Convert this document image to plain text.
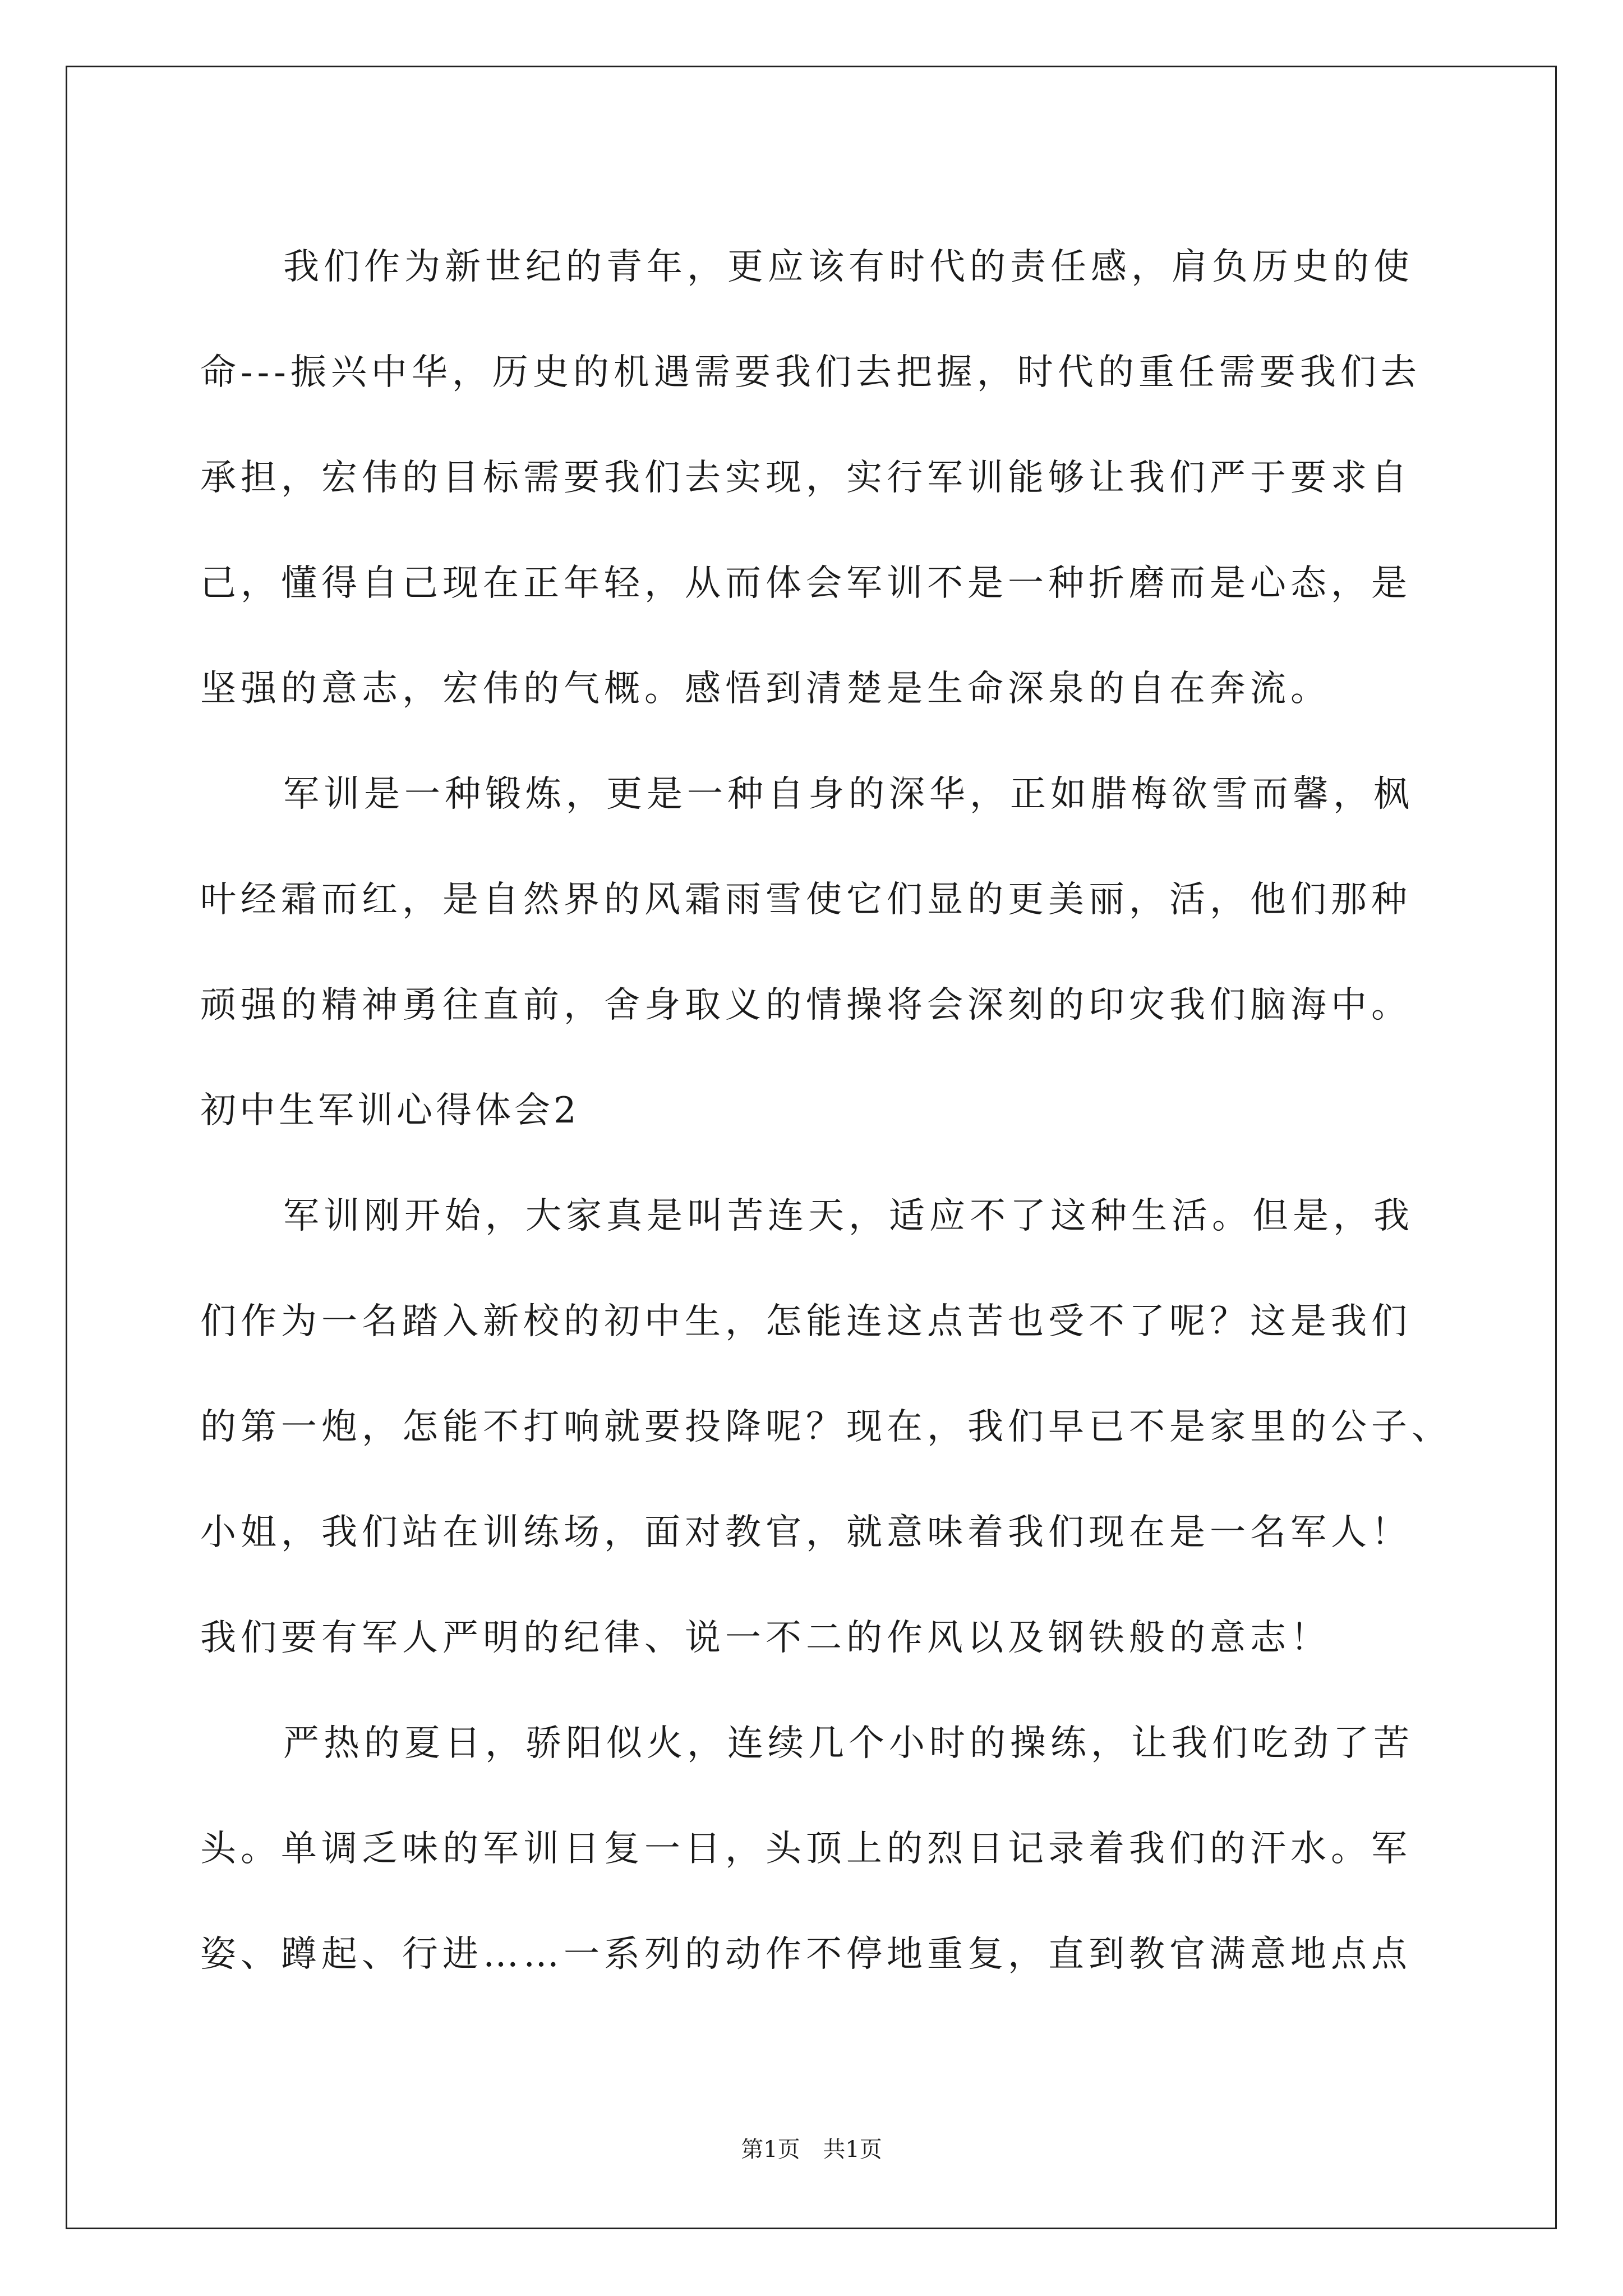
我们作为新世纪的青年，更应该有时代的责任感，肩负历史的使
命---振兴中华，历史的机遇需要我们去把握，时代的重任需要我们去
承担，宏伟的目标需要我们去实现，实行军训能够让我们严于要求自
己，懂得自己现在正年轻，从而体会军训不是一种折磨而是心态，是
坚强的意志，宏伟的气概。感悟到清楚是生命深泉的自在奔流。
军训是一种锻炼，更是一种自身的深华，正如腊梅欲雪而馨，枫
叶经霜而红，是自然界的风霜雨雪使它们显的更美丽，活，他们那种
顽强的精神勇往直前，舍身取义的情操将会深刻的印灾我们脑海中。
初中生军训心得体会2
军训刚开始，大家真是叫苦连天，适应不了这种生活。但是，我
们作为一名踏入新校的初中生，怎能连这点苦也受不了呢？这是我们
的第一炮，怎能不打响就要投降呢？现在，我们早已不是家里的公子、
小姐，我们站在训练场，面对教官，就意味着我们现在是一名军人！
我们要有军人严明的纪律、说一不二的作风以及钢铁般的意志！
严热的夏日，骄阳似火，连续几个小时的操练，让我们吃劲了苦
头。单调乏味的军训日复一日，头顶上的烈日记录着我们的汗水。军
姿、蹲起、行进……一系列的动作不停地重复，直到教官满意地点点
第1页 共1页
